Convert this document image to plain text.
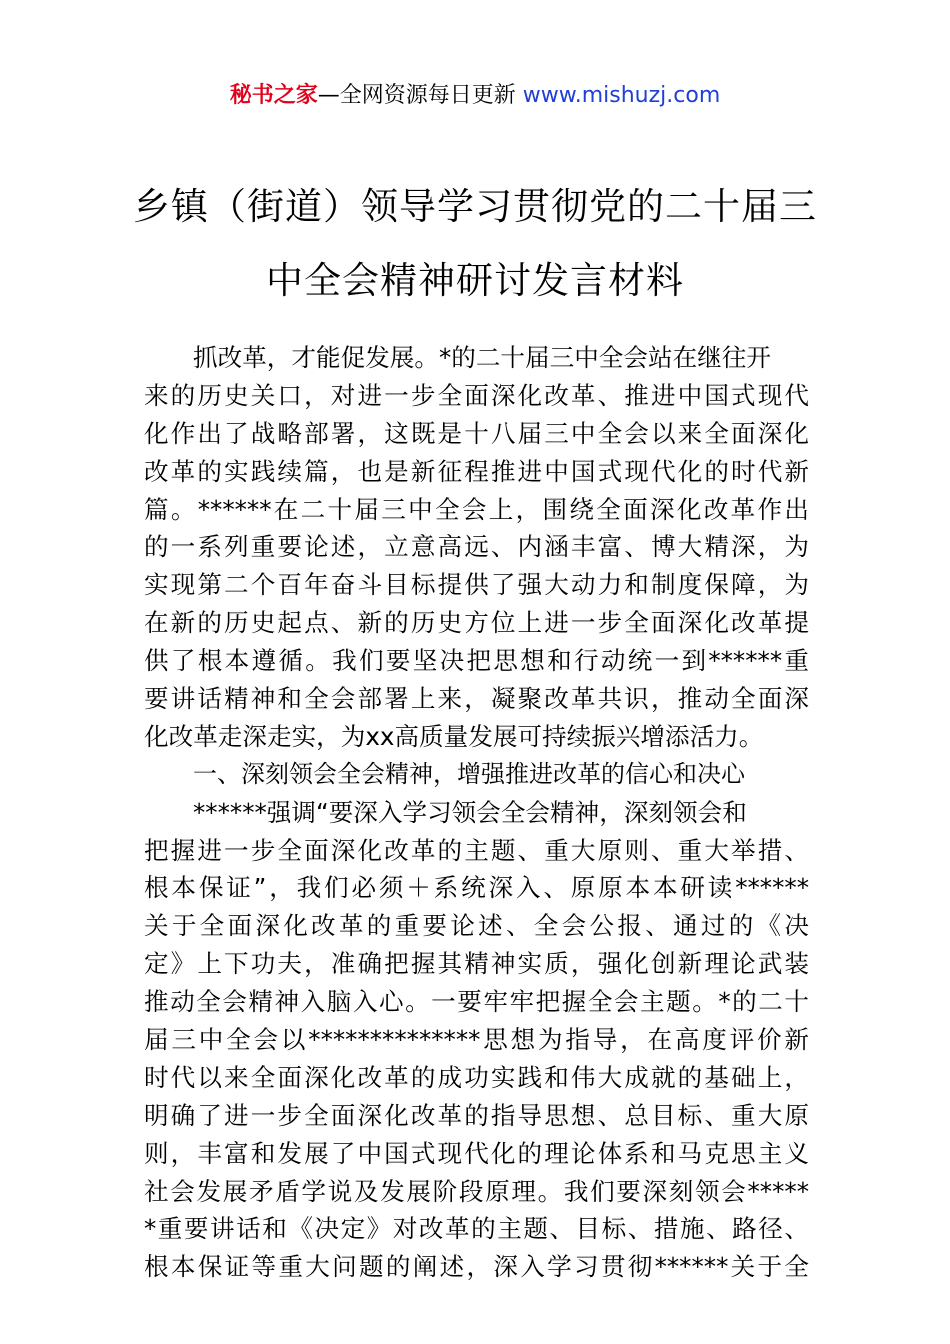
秘书之家—全网资源每日更新 www.mishuzj.com
乡镇（街道）领导学习贯彻党的二十届三
中全会精神研讨发言材料
抓改革，才能促发展。*的二十届三中全会站在继往开
来的历史关口，对进一步全面深化改革、推进中国式现代
化作出了战略部署，这既是十八届三中全会以来全面深化
改革的实践续篇，也是新征程推进中国式现代化的时代新
篇。******在二十届三中全会上，围绕全面深化改革作出
的一系列重要论述，立意高远、内涵丰富、博大精深，为
实现第二个百年奋斗目标提供了强大动力和制度保障，为
在新的历史起点、新的历史方位上进一步全面深化改革提
供了根本遵循。我们要坚决把思想和行动统一到******重
要讲话精神和全会部署上来，凝聚改革共识，推动全面深
化改革走深走实，为xx高质量发展可持续振兴增添活力。
一、深刻领会全会精神，增强推进改革的信心和决心
******强调“要深入学习领会全会精神，深刻领会和
把握进一步全面深化改革的主题、重大原则、重大举措、
根本保证”，我们必须＋系统深入、原原本本研读******
关于全面深化改革的重要论述、全会公报、通过的《决
定》上下功夫，准确把握其精神实质，强化创新理论武装
推动全会精神入脑入心。一要牢牢把握全会主题。*的二十
届三中全会以**************思想为指导，在高度评价新
时代以来全面深化改革的成功实践和伟大成就的基础上，
明确了进一步全面深化改革的指导思想、总目标、重大原
则，丰富和发展了中国式现代化的理论体系和马克思主义
社会发展矛盾学说及发展阶段原理。我们要深刻领会*****
*重要讲话和《决定》对改革的主题、目标、措施、路径、
根本保证等重大问题的阐述，深入学习贯彻******关于全
